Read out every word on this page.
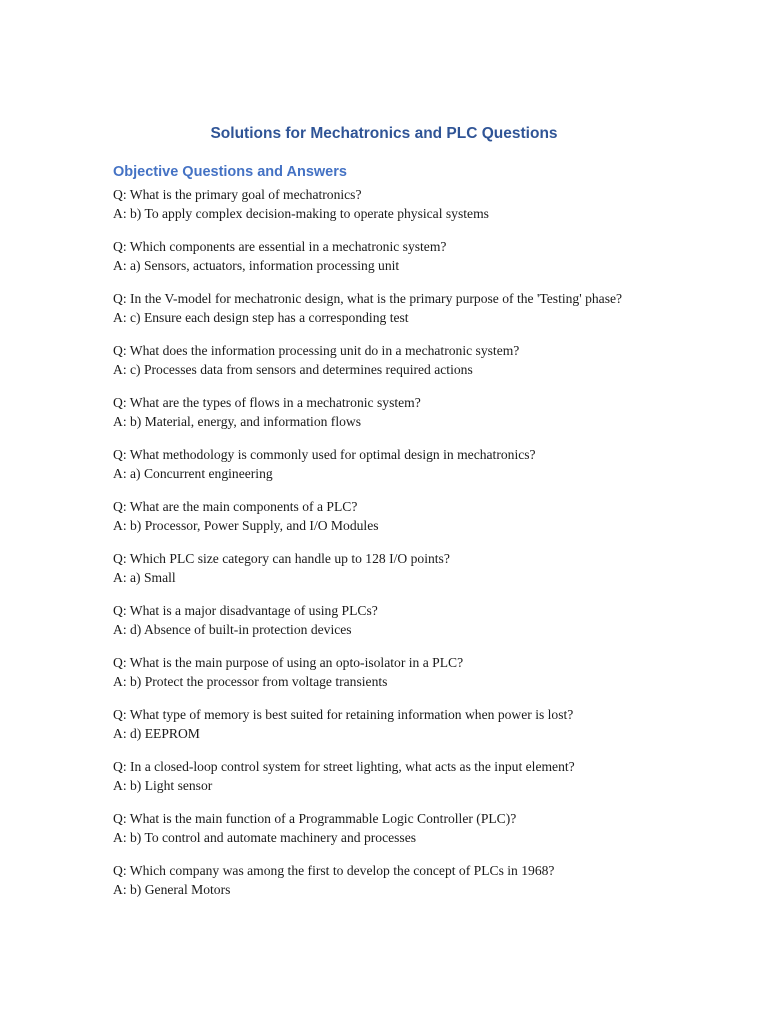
Solutions for Mechatronics and PLC Questions
Objective Questions and Answers

Q: What is the primary goal of mechatronics?

A: b) To apply complex decision-making to operate physical systems

Q: Which components are essential in a mechatronic system?

A: a) Sensors, actuators, information processing unit

Q: In the V-model for mechatronic design, what is the primary purpose of the 'Testing' phase?

A: c) Ensure each design step has a corresponding test

Q: What does the information processing unit do in a mechatronic system?

A: c) Processes data from sensors and determines required actions

Q: What are the types of flows in a mechatronic system?

A: b) Material, energy, and information flows

Q: What methodology is commonly used for optimal design in mechatronics?

A: a) Concurrent engineering

Q: What are the main components of a PLC?

A: b) Processor, Power Supply, and I/O Modules

Q: Which PLC size category can handle up to 128 I/O points?

A: a) Small

Q: What is a major disadvantage of using PLCs?

A: d) Absence of built-in protection devices

Q: What is the main purpose of using an opto-isolator in a PLC?

A: b) Protect the processor from voltage transients

Q: What type of memory is best suited for retaining information when power is lost?

A: d) EEPROM

Q: In a closed-loop control system for street lighting, what acts as the input element?

A: b) Light sensor

Q: What is the main function of a Programmable Logic Controller (PLC)?

A: b) To control and automate machinery and processes

Q: Which company was among the first to develop the concept of PLCs in 1968?

A: b) General Motors
